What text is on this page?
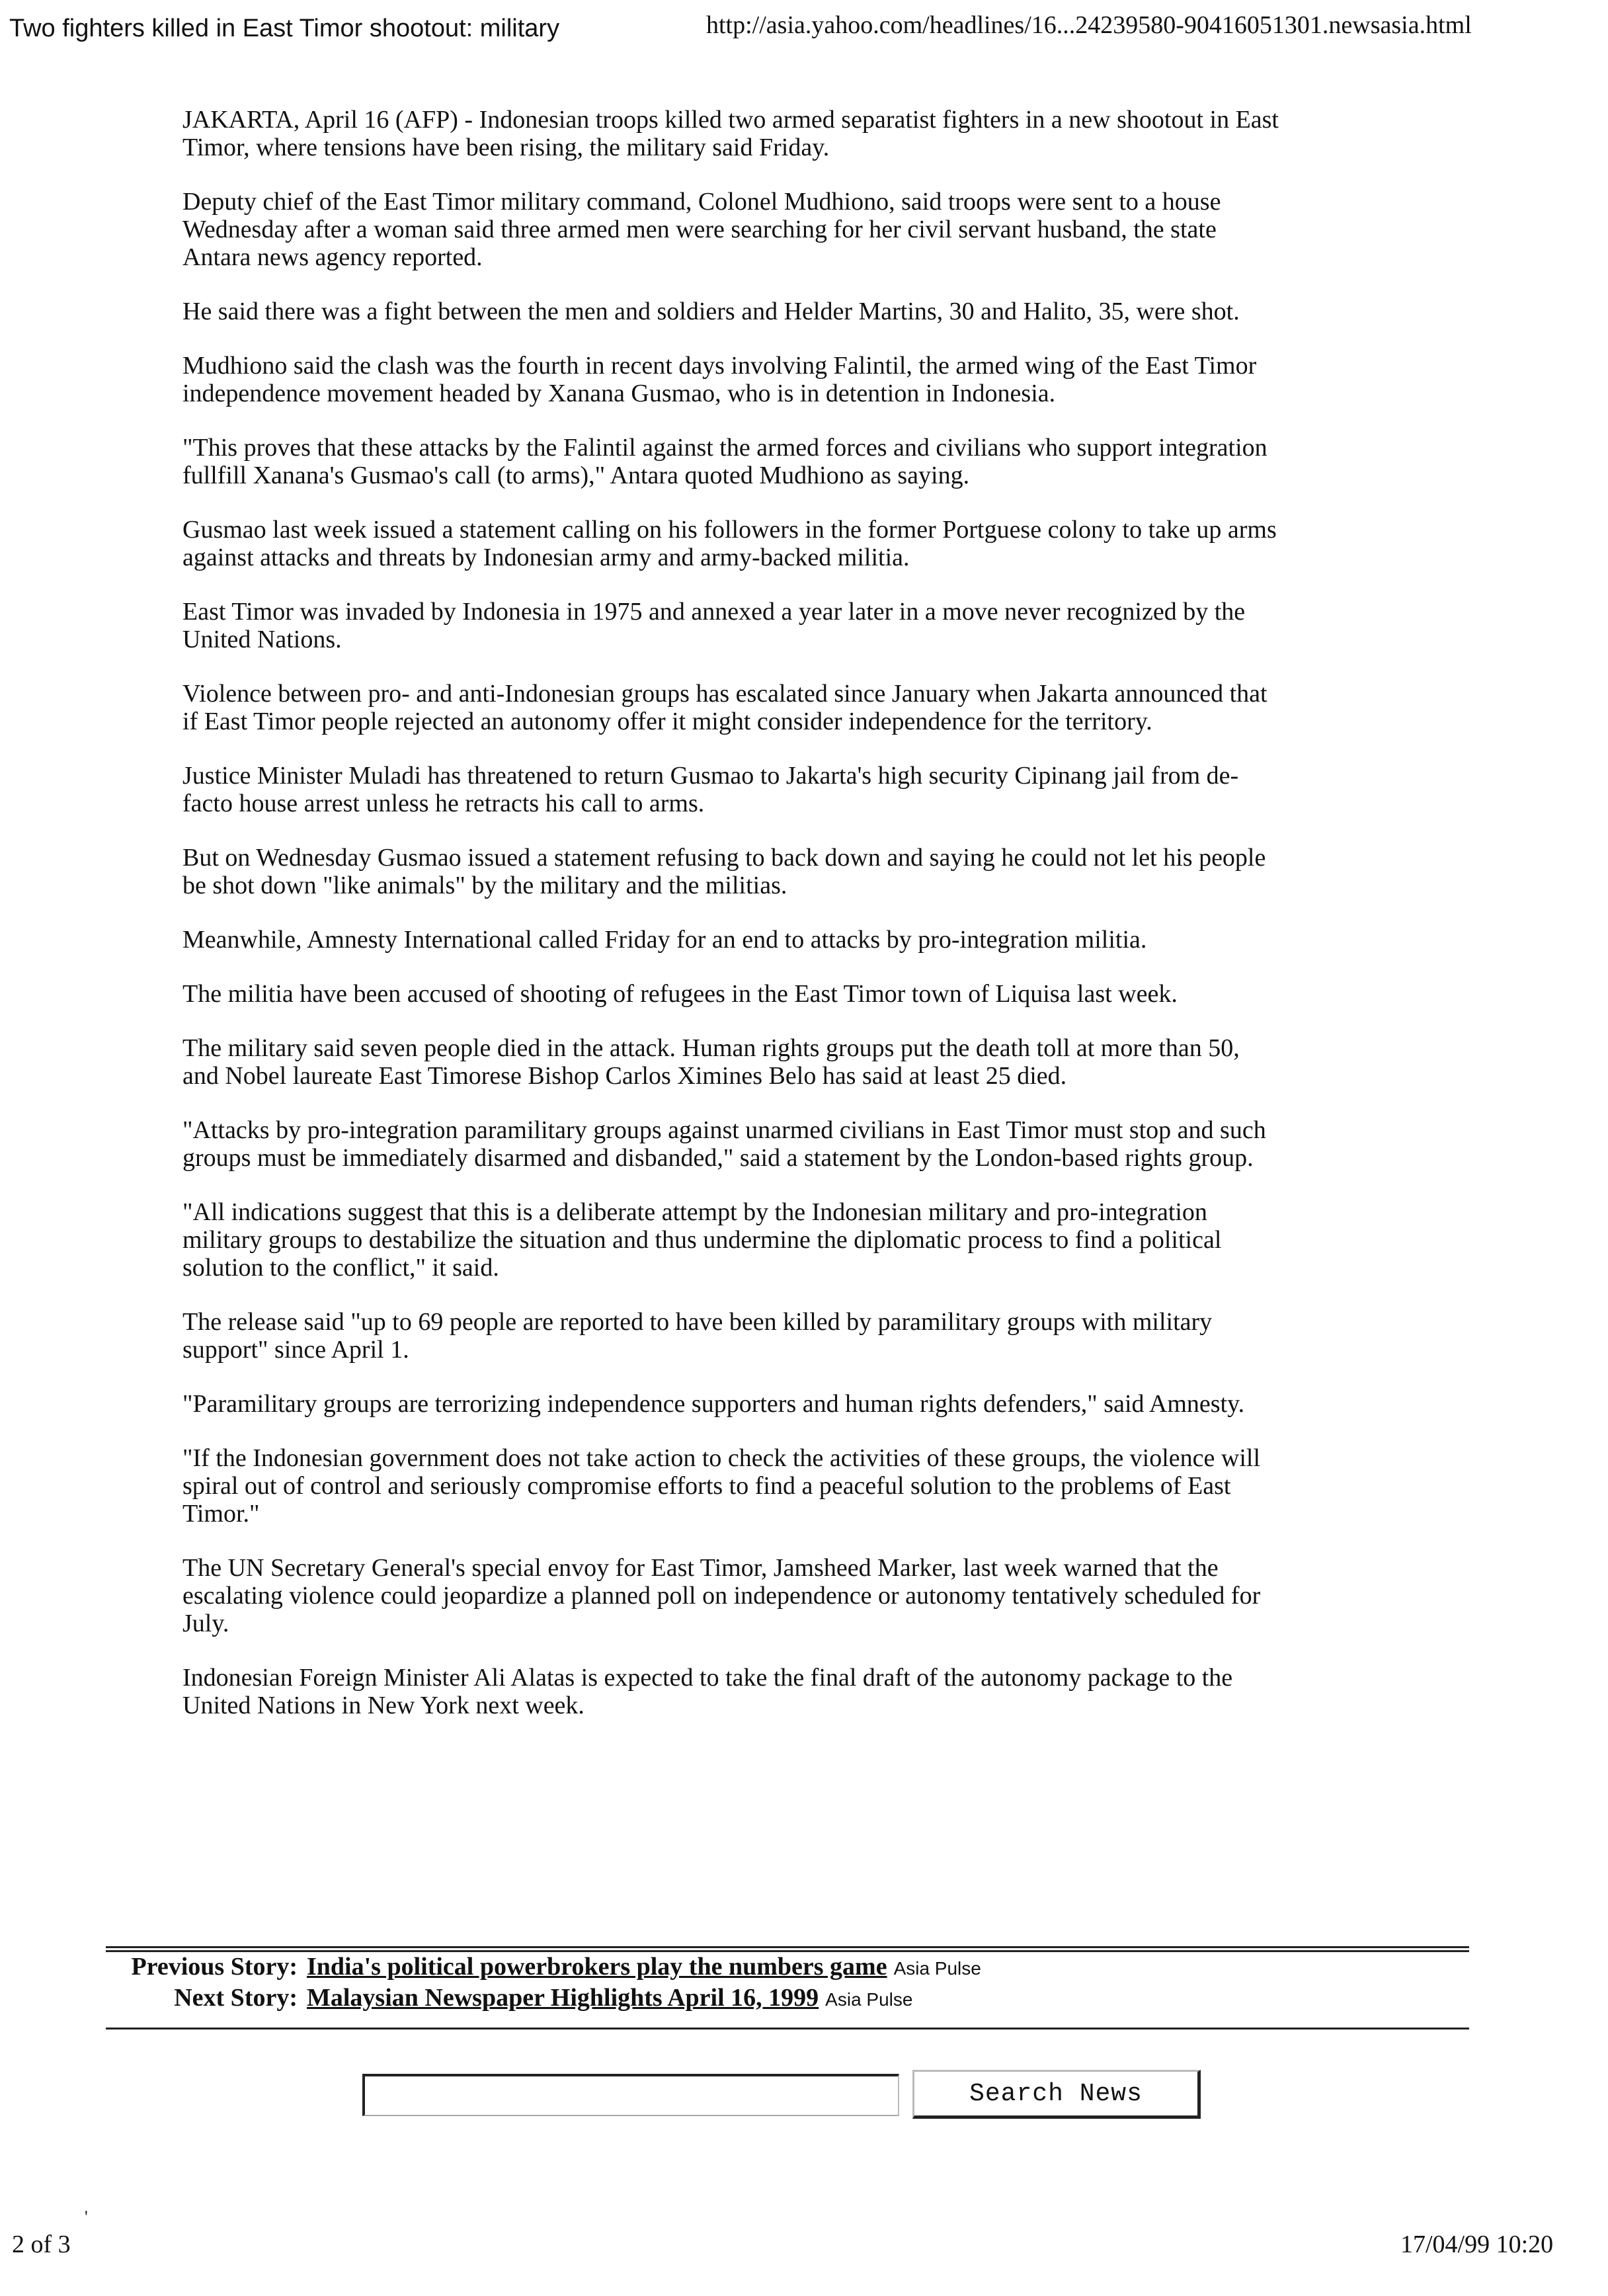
Two fighters killed in East Timor shootout: military	http://asia.yahoo.com/headlines/16...24239580-90416051301.newsasia.html

JAKARTA, April 16 (AFP) - Indonesian troops killed two armed separatist fighters in a new shootout in East Timor, where tensions have been rising, the military said Friday.

Deputy chief of the East Timor military command, Colonel Mudhiono, said troops were sent to a house Wednesday after a woman said three armed men were searching for her civil servant husband, the state Antara news agency reported.

He said there was a fight between the men and soldiers and Helder Martins, 30 and Halito, 35, were shot.

Mudhiono said the clash was the fourth in recent days involving Falintil, the armed wing of the East Timor independence movement headed by Xanana Gusmao, who is in detention in Indonesia.

"This proves that these attacks by the Falintil against the armed forces and civilians who support integration fullfill Xanana's Gusmao's call (to arms)," Antara quoted Mudhiono as saying.

Gusmao last week issued a statement calling on his followers in the former Portguese colony to take up arms against attacks and threats by Indonesian army and army-backed militia.

East Timor was invaded by Indonesia in 1975 and annexed a year later in a move never recognized by the United Nations.

Violence between pro- and anti-Indonesian groups has escalated since January when Jakarta announced that if East Timor people rejected an autonomy offer it might consider independence for the territory.

Justice Minister Muladi has threatened to return Gusmao to Jakarta's high security Cipinang jail from de-facto house arrest unless he retracts his call to arms.

But on Wednesday Gusmao issued a statement refusing to back down and saying he could not let his people be shot down "like animals" by the military and the militias.

Meanwhile, Amnesty International called Friday for an end to attacks by pro-integration militia.

The militia have been accused of shooting of refugees in the East Timor town of Liquisa last week.

The military said seven people died in the attack. Human rights groups put the death toll at more than 50, and Nobel laureate East Timorese Bishop Carlos Ximines Belo has said at least 25 died.

"Attacks by pro-integration paramilitary groups against unarmed civilians in East Timor must stop and such groups must be immediately disarmed and disbanded," said a statement by the London-based rights group.

"All indications suggest that this is a deliberate attempt by the Indonesian military and pro-integration military groups to destabilize the situation and thus undermine the diplomatic process to find a political solution to the conflict," it said.

The release said "up to 69 people are reported to have been killed by paramilitary groups with military support" since April 1.

"Paramilitary groups are terrorizing independence supporters and human rights defenders," said Amnesty.

"If the Indonesian government does not take action to check the activities of these groups, the violence will spiral out of control and seriously compromise efforts to find a peaceful solution to the problems of East Timor."

The UN Secretary General's special envoy for East Timor, Jamsheed Marker, last week warned that the escalating violence could jeopardize a planned poll on independence or autonomy tentatively scheduled for July.

Indonesian Foreign Minister Ali Alatas is expected to take the final draft of the autonomy package to the United Nations in New York next week.

Previous Story: India's political powerbrokers play the numbers game Asia Pulse
Next Story: Malaysian Newspaper Highlights April 16, 1999 Asia Pulse
Search News
2 of 3
'
17/04/99 10:20
